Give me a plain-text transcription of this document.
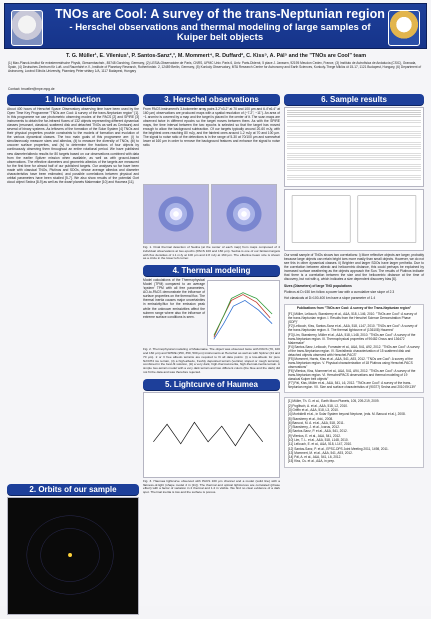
TNOs are Cool: A survey of the trans-Neptunian region
- Herschel observations and thermal modeling of large samples of
Kuiper belt objects
T. G. Müller¹, E. Vilenius¹, P. Santos-Sanz²,³, M. Mommert⁴, R. Duffard², C. Kiss⁵, A. Pál⁵ and the "TNOs are Cool" team
(1) Max-Planck-Institut für extraterrestrische Physik, Giessenbachstr., 85748 Garching, Germany, (2) LESIA-Observatoire de Paris, CNRS, UPMC Univ. Paris 6, Univ. Paris-Diderot, 5 place J. Janssen, 92195 Meudon Cedex, France, (3) Instituto de Astrofísica de Andalucía (CSIC), Granada, Spain, (4) Deutsches Zentrum für Luft- und Raumfahrt e.V., Institute of Planetary Research, Rutherfordstr. 2, 12489 Berlin, Germany, (5) Konkoly Observatory, MTA Research Centre for Astronomy and Earth Sciences, Konkoly-Thege Miklós út 15-17, 1121 Budapest, Hungary, (6) Department of Astronomy, Loránd Eötvös University, Pázmány Péter sétány 1/A, 1117 Budapest, Hungary
Contact: tmueller@mpe.mpg.de
1. Introduction
About 400 hours of Herschel Space Observatory observing time have been used by the Open Time Key Programme "TNOs are Cool: A survey of the trans-Neptunian region" [1]. In this programme we use photometric observing modes of the PACS [2] and SPIRE [3] instruments to obtain the far-infrared fluxes of 132 objects representing different dynamical classes (resonant, classical, scattered disk and detached TNOs as well as Centaurs) and several of binary systems. As leftovers of the formation of the Solar System [4] TNOs and their physical properties provide constraints to the models of formation and evolution of the various dynamical classes. The two main goals of this programme are: (i) to simultaneously measure sizes and albedos, (ii) to measure the diversity of TNOs, (iii) to uncover surface properties, and (iv) to determine the fractions of four objects by continuously observing them throughout an entire rotational period. We have published new diameter/albedo results for 80 targets based on our observations combined with data from the earlier Spitzer mission when available, as well as with ground-based observations. The effective diameters and geometric albedos of the targets are measured for the first time for almost half of our published targets. Our analyses so far have been made with classical TNOs, Plutinos and SDOs, whose average albedos and diameter characteristics have been estimated, and possible correlations between physical and orbital parameters have been studied [5-7]. We also show results of the potential Oort cloud object Sedna [8-9] as well as the dwarf planets Makemake [10] and Haumea [11].
2. Orbits of our sample
3. Herschel observations
From PACS instrument's 3-bolometer array pairs 3.2"x3.2" at 70 and 100 µm and 6.4"x6.4" at 160 µm) observations are produced maps with a spatial resolution of (~7.2", ~11"). An area of ~1 arcmin² is covered by a map and the target is placed in the center of it. The scan maps are observed twice in different epochs so the target moves between them. As with the SPIRE maps, the time interval between the two epochs is selected so that the target has moved enough to allow the background subtraction. Of our targets typically around 20-60 mJy, with the brightest ones reaching 80 mJy, and the faintest ones around 1-2 mJy at 70 and 100 µm. The signal to noise ratio of the detections is in the range of 5-30 at 70/100 µm and somewhat lower at 160 µm in order to remove the background features and enhance the signal to noise ratio.
Fig. 1. Final thermal detection of Sedna (at the center of each map) from maps composed of 4 individual observations at two epochs (PACS 100 and 160 µm). Sedna is one of our faintest targets with flux densities of 1.1 mJy at 100 µm and 2.8 mJy at 160 µm. The effective beam size is shown as a circle in the lower left corner.
4. Thermal modeling
Model calculations of the Thermophysical Model (TPM) compared to an average 'system' TPM with all free parameters, AO-to-PACS demonstrate the influence of surface properties on the thermal flux. The thermal inertia causes major uncertainties in emissivity/flux for the emission peak while the unknown emissivities affect the submm range where also the influence of extreme surface conditions is seen.
Fig. 2. Thermophysical modeling of Makemake. The object was observed twice with PACS (70, 100 and 160 µm) and SPIRE (250, 350, 500 µm) instruments at Herschel as well as with Spitzer (24 and 70 µm). 2 or 3 free albedo terrains are required to fit all data points: (i) a low-albedo for pure N2/CH4 ice terrain, (ii) a high-albedo, freshly deposited terrain (vertical, sloped or rough terrains), combined in the best-fit solution, (iii) a very dark, high-thermal-inertia, high-thermal-inertia terrain. A simple two-terrain model with a very dark terrain and two different colors (the blue and the dark) did not fit the data and was therefore rejected.
5. Lightcurve of Haumea
Fig. 3. Haumea lightcurve observed with PACS 100 µm channel and a model (solid line) with a flatness-of-light (shape model 2 in [11]). The thermal and optical lightcurves are correlated (phase effect) with a factor of variation in 2 thermal and 1.2 in visible. We find no clear evidence of a dark spot. Thermal inertia is low and the surface is porous.
6. Sample results
Our small sample of TNOs shows two correlations: i) More reflective objects are larger, probably because large objects can retain bright ices more easily than small objects. However, we do not see this in other dynamical classes. ii) Brighter and larger SDOs have larger perihelia. Due to the correlation between albedo and heliocentric distance, this could perhaps be explained by increased surface weathering as the objects approach the Sun. The results of Plutinos indicate that there is a correlation between the size and the heliocentric distance at the time of discovery, but not with q, which indicates a size dependent discovery bias [6].
Sizes (Diameters) of large TNO populations
Plutinos at D>150 km follow a power law with a cumulative size slope of 2.3
Hot classicals at D>100-400 km have a slope parameter of 1.4
Publications from "TNOs are Cool: A survey of the Trans-Neptunian region"
[F1] Müller, Lellouch, Stansberry et al., A&A, 518, L146, 2010. "TNOs are Cool": A survey of the trans-Neptunian region. I. Results from the Herschel Science Demonstration Phase (SDP)"
[F2] Lellouch, Kiss, Santos-Sanz et al., A&A, 518, L147, 2010. "TNOs are Cool": A survey of the trans-Neptunian region. II. The thermal lightcurve of (136108) Haumea"
[F3] Lim, Stansberry, Müller et al., A&A, 518, L148, 2010. "TNOs are Cool": A survey of the trans-Neptunian region. III. Thermophysical properties of 90482 Orcus and 136472 Makemake"
[F4] Santos-Sanz, Lellouch, Fornasier et al., A&A, 541, A92, 2012. "TNOs are Cool": A survey of the trans-Neptunian region. IV. Size/albedo characterization of 15 scattered disk and detached objects observed with Herschel-PACS"
[F5] Mommert, Harris, Kiss et al., A&A, 541, A93, 2012. "TNOs are Cool": A survey of the trans-Neptunian region. V. Physical characterization of 18 Plutinos using Herschel-PACS observations"
[F6] Vilenius, Kiss, Mommert et al., A&A, 541, A94, 2012. "TNOs are Cool": A survey of the trans-Neptunian region. VI. Herschel/PACS observations and thermal modeling of 19 classical Kuiper belt objects"
[F7] Pál, Kiss, Müller et al., A&A, 541, L6, 2012. "TNOs are Cool": A survey of the trans-Neptunian region. VII. Size and surface characteristics of (90377) Sedna and 2010 EK139"
[1] Müller, Th. G. et al., Earth Moon Planets, 105, 209-219, 2009.
[2] Poglitsch, A. et al., A&A, 518, L2, 2010.
[3] Griffin et al., A&A, 518, L3, 2010.
[4] Morbidelli et al., in Solar System beyond Neptune, (eds. M. Barucci et al.), 2008.
[5] Stansberry et al., ibid., 2008.
[6] Barucci, M. A. et al., A&A, 518, 2011.
[7] Stansberry, J. et al., Icarus, 2012.
[8] Santos-Sanz, P. et al., A&A, 541, 2012.
[9] Vilenius, E. et al., A&A, 541, 2012.
[10] Lim, T. L. et al., A&A, 518, L148, 2010.
[11] Lellouch, E. et al., A&A, 518, L147, 2010.
[12] Santos-Sanz, P. et al., EPSC-DPS Joint Meeting 2011, 1498, 2011.
[13] Mommert, M. et al., A&A, 541, A93, 2012.
[14] Pál, A. et al., A&A, 541, L6, 2012.
[15] Kiss, Cs. et al., A&A, in prep.
